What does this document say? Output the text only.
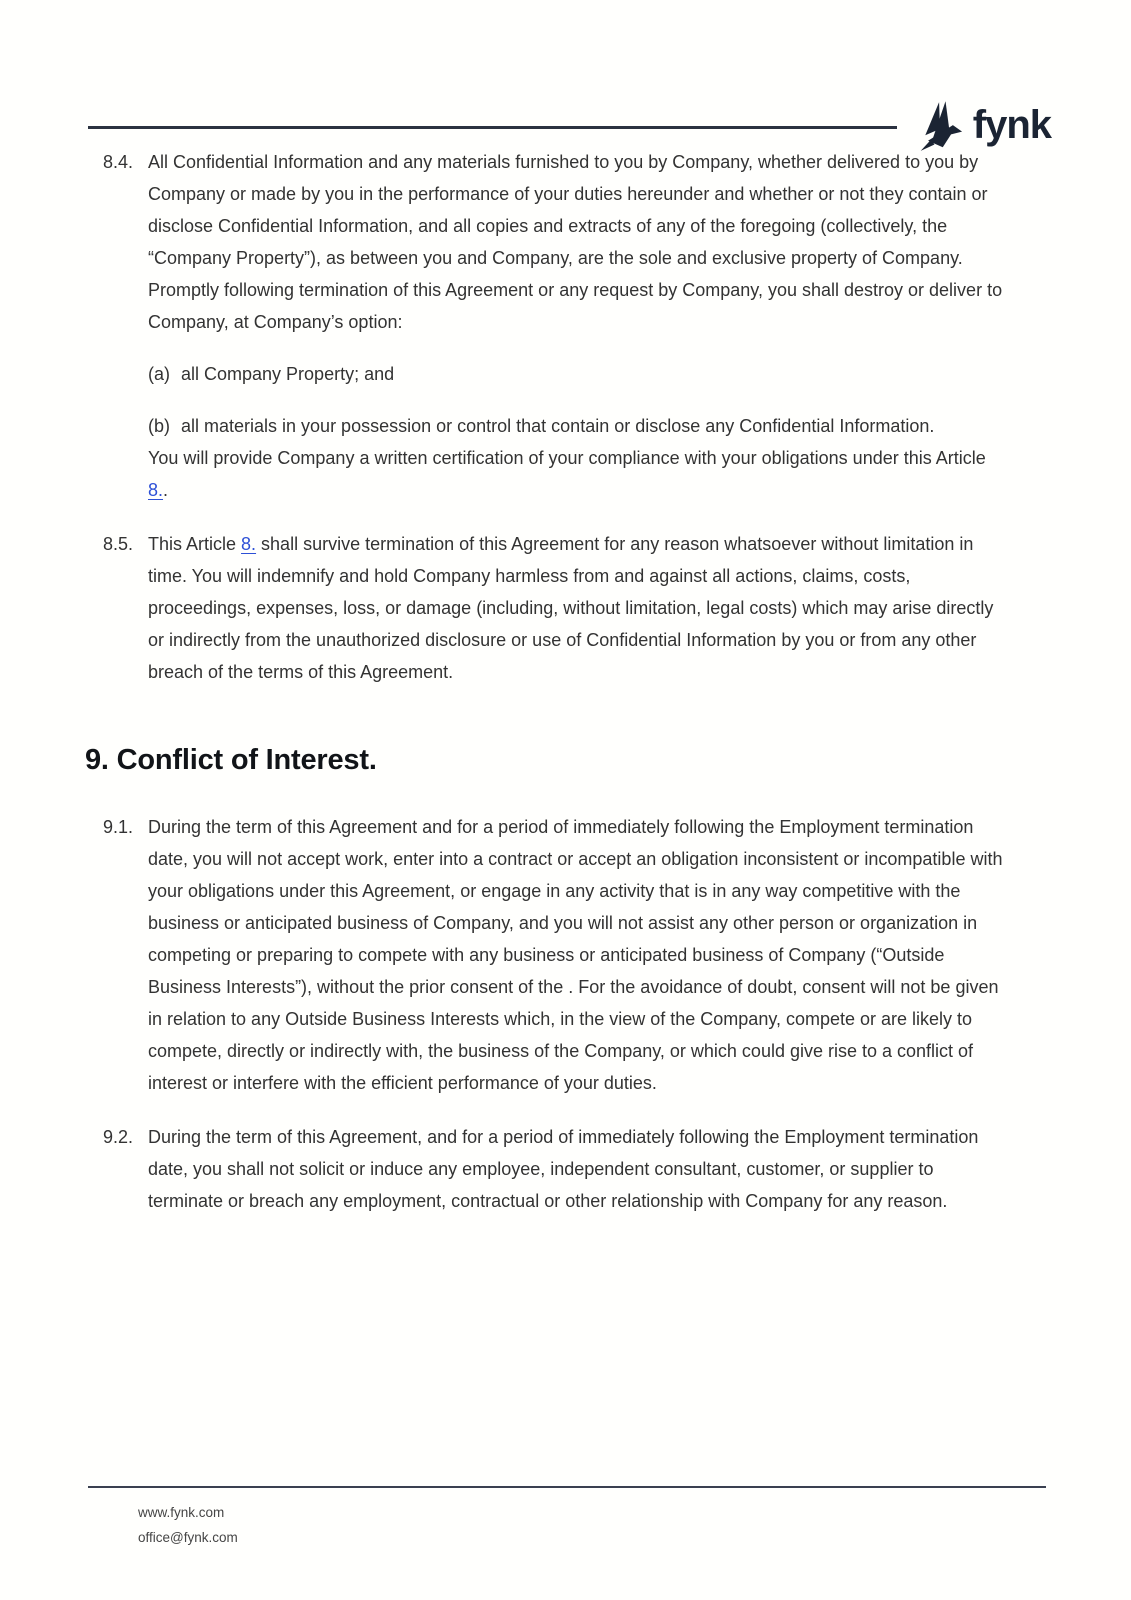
fynk
8.4. All Confidential Information and any materials furnished to you by Company, whether delivered to you by Company or made by you in the performance of your duties hereunder and whether or not they contain or disclose Confidential Information, and all copies and extracts of any of the foregoing (collectively, the “Company Property”), as between you and Company, are the sole and exclusive property of Company. Promptly following termination of this Agreement or any request by Company, you shall destroy or deliver to Company, at Company’s option:

(a) all Company Property; and
(b) all materials in your possession or control that contain or disclose any Confidential Information.

You will provide Company a written certification of your compliance with your obligations under this Article 8..

8.5. This Article 8. shall survive termination of this Agreement for any reason whatsoever without limitation in time. You will indemnify and hold Company harmless from and against all actions, claims, costs, proceedings, expenses, loss, or damage (including, without limitation, legal costs) which may arise directly or indirectly from the unauthorized disclosure or use of Confidential Information by you or from any other breach of the terms of this Agreement.

9. Conflict of Interest.
9.1. During the term of this Agreement and for a period of immediately following the Employment termination date, you will not accept work, enter into a contract or accept an obligation inconsistent or incompatible with your obligations under this Agreement, or engage in any activity that is in any way competitive with the business or anticipated business of Company, and you will not assist any other person or organization in competing or preparing to compete with any business or anticipated business of Company (“Outside Business Interests”), without the prior consent of the . For the avoidance of doubt, consent will not be given in relation to any Outside Business Interests which, in the view of the Company, compete or are likely to compete, directly or indirectly with, the business of the Company, or which could give rise to a conflict of interest or interfere with the efficient performance of your duties.

9.2. During the term of this Agreement, and for a period of immediately following the Employment termination date, you shall not solicit or induce any employee, independent consultant, customer, or supplier to terminate or breach any employment, contractual or other relationship with Company for any reason.

www.fynk.com
office@fynk.com
